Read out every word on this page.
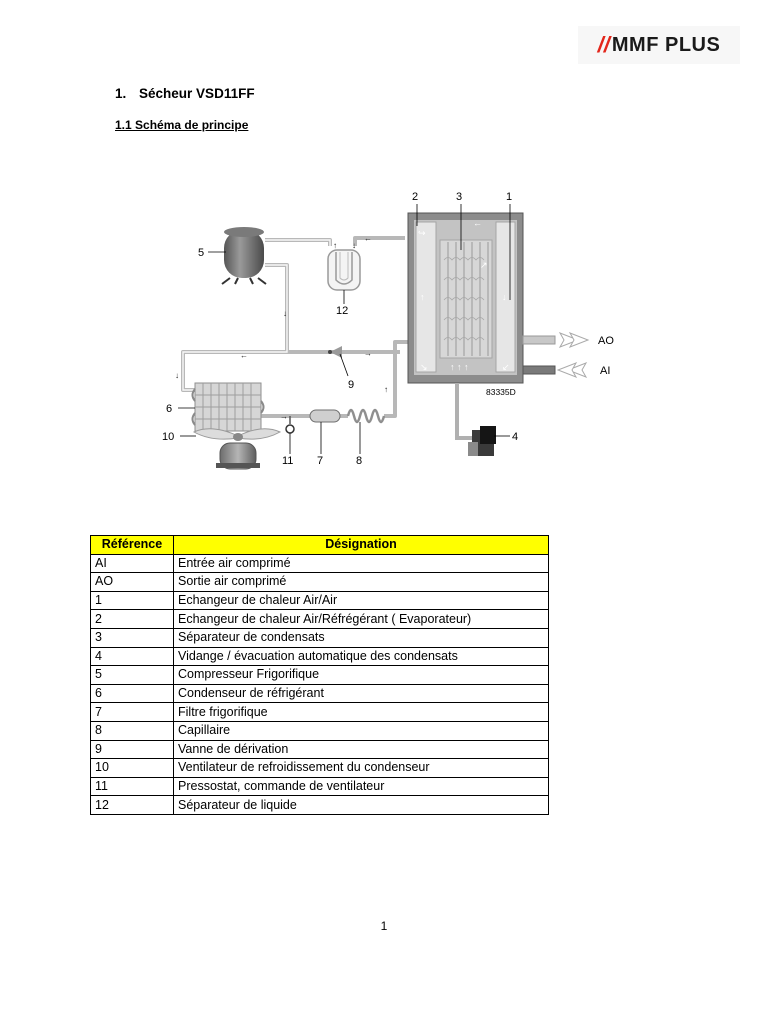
// MMF PLUS
1. Sécheur VSD11FF
1.1 Schéma de principe
↪
←
↗
↑	↓
↘ ↑ ↑ ↑	↙
←
↓
↑
↓
←	→
↓
→
↑
2	3	1
5
12
9
6
10
11 7	8
4
AO
AI
83335D
Référence	Désignation
AI	Entrée air comprimé
AO	Sortie air comprimé
1	Echangeur de chaleur Air/Air
2	Echangeur de chaleur Air/Réfrégérant ( Evaporateur)
3	Séparateur de condensats
4	Vidange / évacuation automatique des condensats
5	Compresseur Frigorifique
6	Condenseur de réfrigérant
7	Filtre frigorifique
8	Capillaire
9	Vanne de dérivation
10	Ventilateur de refroidissement du condenseur
11	Pressostat, commande de ventilateur
12	Séparateur de liquide
1
